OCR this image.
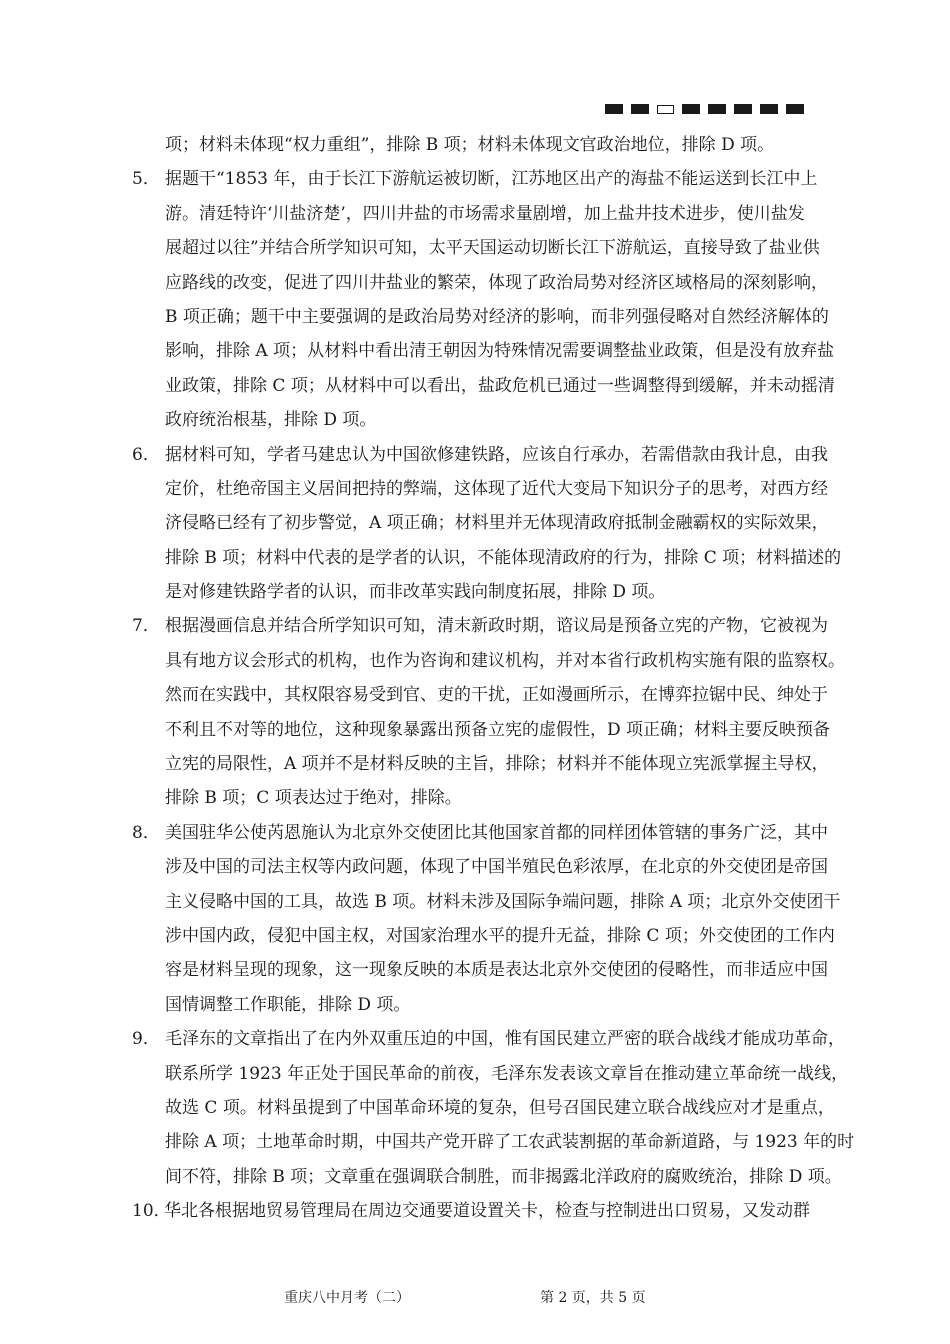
项；材料未体现“权力重组”，排除 B 项；材料未体现文官政治地位，排除 D 项。
5． 据题干“1853 年，由于长江下游航运被切断，江苏地区出产的海盐不能运送到长江中上
游。清廷特许‘川盐济楚’，四川井盐的市场需求量剧增，加上盐井技术进步，使川盐发
展超过以往”并结合所学知识可知，太平天国运动切断长江下游航运，直接导致了盐业供
应路线的改变，促进了四川井盐业的繁荣，体现了政治局势对经济区域格局的深刻影响，
B 项正确；题干中主要强调的是政治局势对经济的影响，而非列强侵略对自然经济解体的
影响，排除 A 项；从材料中看出清王朝因为特殊情况需要调整盐业政策，但是没有放弃盐
业政策，排除 C 项；从材料中可以看出，盐政危机已通过一些调整得到缓解，并未动摇清
政府统治根基，排除 D 项。
6． 据材料可知，学者马建忠认为中国欲修建铁路，应该自行承办，若需借款由我计息，由我
定价，杜绝帝国主义居间把持的弊端，这体现了近代大变局下知识分子的思考，对西方经
济侵略已经有了初步警觉，A 项正确；材料里并无体现清政府抵制金融霸权的实际效果，
排除 B 项；材料中代表的是学者的认识，不能体现清政府的行为，排除 C 项；材料描述的
是对修建铁路学者的认识，而非改革实践向制度拓展，排除 D 项。
7． 根据漫画信息并结合所学知识可知，清末新政时期，谘议局是预备立宪的产物，它被视为
具有地方议会形式的机构，也作为咨询和建议机构，并对本省行政机构实施有限的监察权。
然而在实践中，其权限容易受到官、吏的干扰，正如漫画所示，在博弈拉锯中民、绅处于
不利且不对等的地位，这种现象暴露出预备立宪的虚假性，D 项正确；材料主要反映预备
立宪的局限性，A 项并不是材料反映的主旨，排除；材料并不能体现立宪派掌握主导权，
排除 B 项；C 项表达过于绝对，排除。
8． 美国驻华公使芮恩施认为北京外交使团比其他国家首都的同样团体管辖的事务广泛，其中
涉及中国的司法主权等内政问题，体现了中国半殖民色彩浓厚，在北京的外交使团是帝国
主义侵略中国的工具，故选 B 项。材料未涉及国际争端问题，排除 A 项；北京外交使团干
涉中国内政，侵犯中国主权，对国家治理水平的提升无益，排除 C 项；外交使团的工作内
容是材料呈现的现象，这一现象反映的本质是表达北京外交使团的侵略性，而非适应中国
国情调整工作职能，排除 D 项。
9． 毛泽东的文章指出了在内外双重压迫的中国，惟有国民建立严密的联合战线才能成功革命，
联系所学 1923 年正处于国民革命的前夜，毛泽东发表该文章旨在推动建立革命统一战线，
故选 C 项。材料虽提到了中国革命环境的复杂，但号召国民建立联合战线应对才是重点，
排除 A 项；土地革命时期，中国共产党开辟了工农武装割据的革命新道路，与 1923 年的时
间不符，排除 B 项；文章重在强调联合制胜，而非揭露北洋政府的腐败统治，排除 D 项。
10．华北各根据地贸易管理局在周边交通要道设置关卡，检查与控制进出口贸易，又发动群
重庆八中月考（二）	第 2 页，共 5 页
